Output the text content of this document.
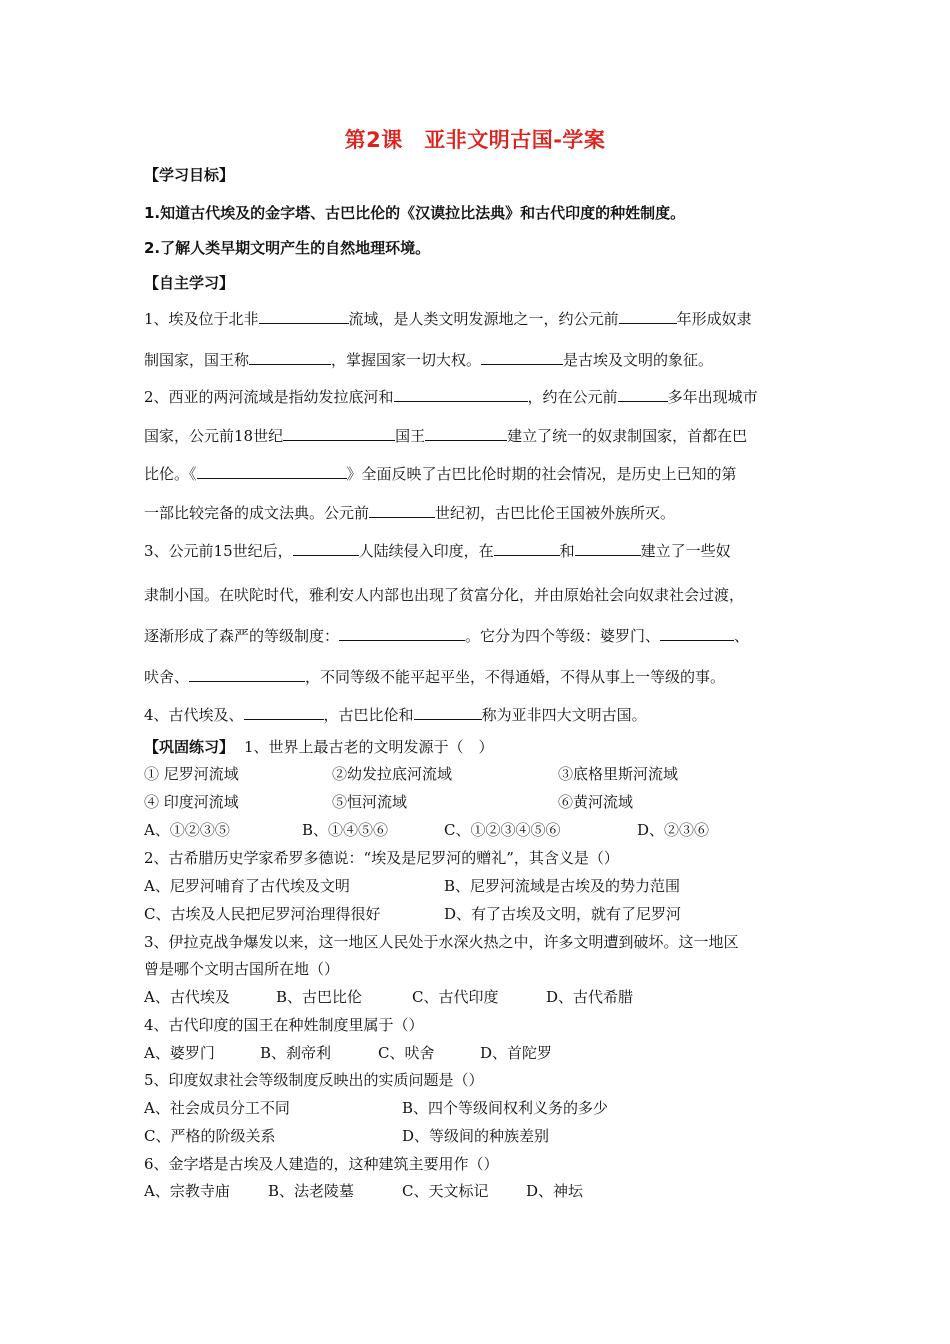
第2课　亚非文明古国-学案
【学习目标】
1.知道古代埃及的金字塔、古巴比伦的《汉谟拉比法典》和古代印度的种姓制度。
2.了解人类早期文明产生的自然地理环境。
【自主学习】
1、埃及位于北非	流域，是人类文明发源地之一，约公元前	年形成奴隶
制国家，国王称	，掌握国家一切大权。	是古埃及文明的象征。
2、西亚的两河流域是指幼发拉底河和	，约在公元前	多年出现城市
国家，公元前18世纪	国王	建立了统一的奴隶制国家，首都在巴
比伦。《	》全面反映了古巴比伦时期的社会情况，是历史上已知的第
一部比较完备的成文法典。公元前	世纪初，古巴比伦王国被外族所灭。
3、公元前15世纪后，	人陆续侵入印度，在	和	建立了一些奴
隶制小国。在吠陀时代，雅利安人内部也出现了贫富分化，并由原始社会向奴隶社会过渡，
逐渐形成了森严的等级制度：	。它分为四个等级：婆罗门、	、
吠舍、	，不同等级不能平起平坐，不得通婚，不得从事上一等级的事。
4、古代埃及、	，古巴比伦和	称为亚非四大文明古国。
【巩固练习】 1、世界上最古老的文明发源于（　）
① 尼罗河流域	②幼发拉底河流域	③底格里斯河流域
④ 印度河流域	⑤恒河流域	⑥黄河流域
A、①②③⑤	B、①④⑤⑥	C、①②③④⑤⑥	D、②③⑥
2、古希腊历史学家希罗多德说：“埃及是尼罗河的赠礼”，其含义是（）
A、尼罗河哺育了古代埃及文明	B、尼罗河流域是古埃及的势力范围
C、古埃及人民把尼罗河治理得很好	D、有了古埃及文明，就有了尼罗河
3、伊拉克战争爆发以来，这一地区人民处于水深火热之中，许多文明遭到破坏。这一地区
曾是哪个文明古国所在地（）
A、古代埃及	B、古巴比伦	C、古代印度	D、古代希腊
4、古代印度的国王在种姓制度里属于（）
A、婆罗门	B、刹帝利	C、吠舍	D、首陀罗
5、印度奴隶社会等级制度反映出的实质问题是（）
A、社会成员分工不同	B、四个等级间权利义务的多少
C、严格的阶级关系	D、等级间的种族差别
6、金字塔是古埃及人建造的，这种建筑主要用作（）
A、宗教寺庙	B、法老陵墓	C、天文标记	D、神坛
